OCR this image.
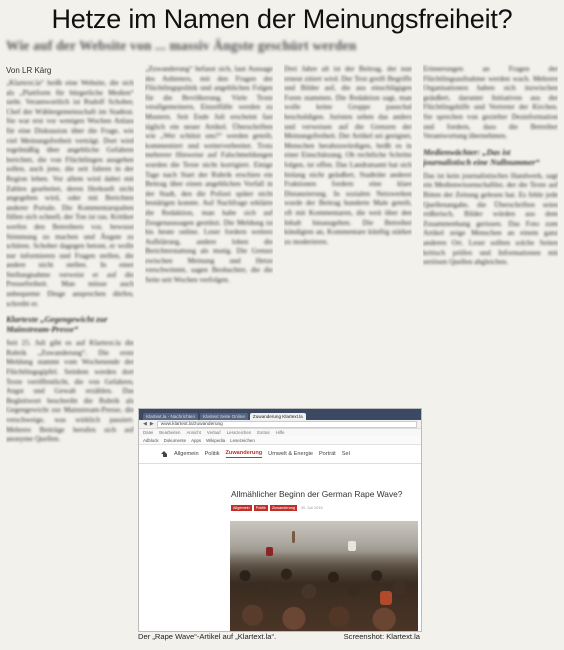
Hetze im Namen der Meinungsfreiheit?
Wie auf der Website von ... massiv Ängste geschürt werden
Von LR Kärg
„Klartext.la“ heißt eine Website, die sich als „Plattform für bürgerliche Medien“ sieht. Verantwortlich ist Rudolf Schober, Chef der Wählergemeinschaft im Stadtrat. Sie war erst vor wenigen Wochen Anlass für eine Diskussion über die Frage, wie viel Meinungsfreiheit verträgt. Dort wird regelmäßig über angebliche Gefahren berichtet, die von Flüchtlingen ausgehen sollen, auch jene, die seit Jahren in der Region leben. Vor allem wird dabei mit Zahlen gearbeitet, deren Herkunft nicht angegeben wird, oder mit Berichten anderer Portale. Die Kommentarspalten füllen sich schnell, der Ton ist rau. Kritiker werfen den Betreibern vor, bewusst Stimmung zu machen und Ängste zu schüren. Schober dagegen betont, er wolle nur informieren und Fragen stellen, die andere nicht stellen. In einer Stellungnahme verweist er auf die Pressefreiheit. Man müsse auch unbequeme Dinge ansprechen dürfen, schreibt er.
Klartexte „Gegengewicht zur Mainstream-Presse“
Seit 25. Juli gibt es auf Klartext.la die Rubrik „Zuwanderung“. Die erste Meldung stammt vom Wochenende der Flüchtlingsgipfel. Seitdem werden dort Texte veröffentlicht, die von Gefahren, Angst und Gewalt erzählen. Das Begleitwort beschreibt die Rubrik als Gegengewicht zur Mainstream-Presse, die verschweige, was wirklich passiert. Mehrere Beiträge berufen sich auf anonyme Quellen.
„Zuwanderung“ befasst sich, laut Aussage des Anbieters, mit den Fragen der Flüchtlingspolitik und angeblichen Folgen für die Bevölkerung. Viele Texte verallgemeinern, Einzelfälle werden zu Mustern. Seit Ende Juli erscheint fast täglich ein neuer Artikel. Überschriften wie „Wer schützt uns?“ werden geteilt, kommentiert und weiterverbreitet. Trotz mehrerer Hinweise auf Falschmeldungen wurden die Texte nicht korrigiert. Einige Tage nach Start der Rubrik erschien ein Beitrag über einen angeblichen Vorfall in der Stadt, den die Polizei später nicht bestätigen konnte. Auf Nachfrage erklärte die Redaktion, man habe sich auf Zeugenaussagen gestützt. Die Meldung ist bis heute online. Leser fordern weitere Aufklärung, andere loben die Berichterstattung als mutig. Die Grenze zwischen Meinung und Hetze verschwimmt, sagen Beobachter, die die Seite seit Wochen verfolgen.
Drei Jahre alt ist der Beitrag, der nun erneut zitiert wird. Der Text greift Begriffe und Bilder auf, die aus einschlägigen Foren stammen. Die Redaktion sagt, man wolle keine Gruppe pauschal beschuldigen. Juristen sehen das anders und verweisen auf die Grenzen der Meinungsfreiheit. Der Artikel sei geeignet, Menschen herabzuwürdigen, heißt es in einer Einschätzung. Ob rechtliche Schritte folgen, ist offen. Das Landratsamt hat sich bislang nicht geäußert, Stadträte anderer Fraktionen fordern eine klare Distanzierung. In sozialen Netzwerken wurde der Beitrag hunderte Male geteilt, oft mit Kommentaren, die weit über den Inhalt hinausgehen. Die Betreiber kündigten an, Kommentare künftig stärker zu moderieren.
Erinnerungen an Fragen der Flüchtlingsaufnahme werden wach. Mehrere Organisationen haben sich inzwischen geäußert, darunter Initiativen aus der Flüchtlingshilfe und Vertreter der Kirchen. Sie sprechen von gezielter Desinformation und fordern, dass die Betreiber Verantwortung übernehmen.
Medienwächter: „Das ist journalistisch eine Nullnummer“
Das ist kein journalistisches Handwerk, sagt ein Medienwissenschaftler, der die Texte auf Bitten der Zeitung gelesen hat. Es fehle jede Quellenangabe, die Überschriften seien reißerisch, Bilder würden aus dem Zusammenhang gerissen. Das Foto zum Artikel zeige Menschen an einem ganz anderen Ort. Leser sollten solche Seiten kritisch prüfen und Informationen mit seriösen Quellen abgleichen.
Klartext.la - Nachrichten	Klartext Seite Online	Zuwanderung Klartext.la
◀ ▶	www.klartext.la/zuwanderung
Datei Bearbeiten Ansicht Verlauf Lesezeichen Extras Hilfe
Adblock Dokumente Apps Wikipedia Lesezeichen
Allgemein Politik Zuwanderung Umwelt & Energie Porträt Sel
Allmählicher Beginn der German Rape Wave?
Allgemein	Politik	Zuwanderung	30. Juli 2015
Der „Rape Wave“-Artikel auf „Klartext.la“.	Screenshot: Klartext.la
